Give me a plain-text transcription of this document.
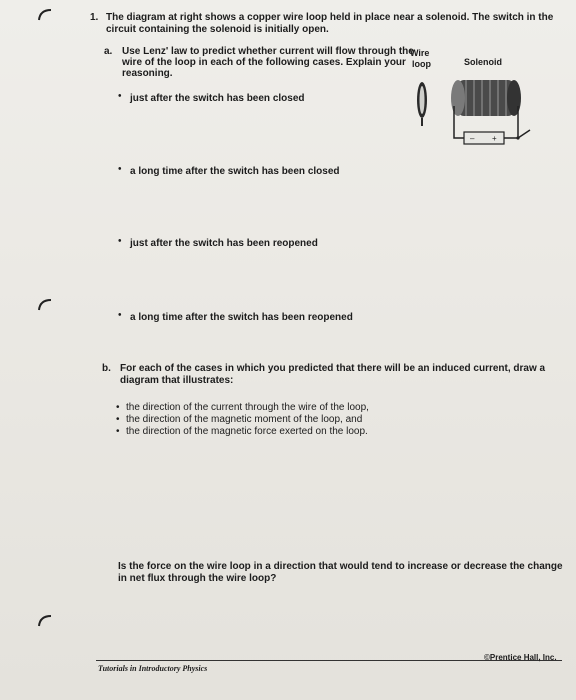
1. The diagram at right shows a copper wire loop held in place near a solenoid. The switch in the
circuit containing the solenoid is initially open.
a. Use Lenz' law to predict whether current will flow through the
wire of the loop in each of the following cases. Explain your
reasoning.
• just after the switch has been closed
• a long time after the switch has been closed
• just after the switch has been reopened
• a long time after the switch has been reopened
Wire
loop	Solenoid
– +
b. For each of the cases in which you predicted that there will be an induced current, draw a
diagram that illustrates:
• the direction of the current through the wire of the loop,
• the direction of the magnetic moment of the loop, and
• the direction of the magnetic force exerted on the loop.
Is the force on the wire loop in a direction that would tend to increase or decrease the change
in net flux through the wire loop?
Tutorials in Introductory Physics
©Prentice Hall, Inc.
